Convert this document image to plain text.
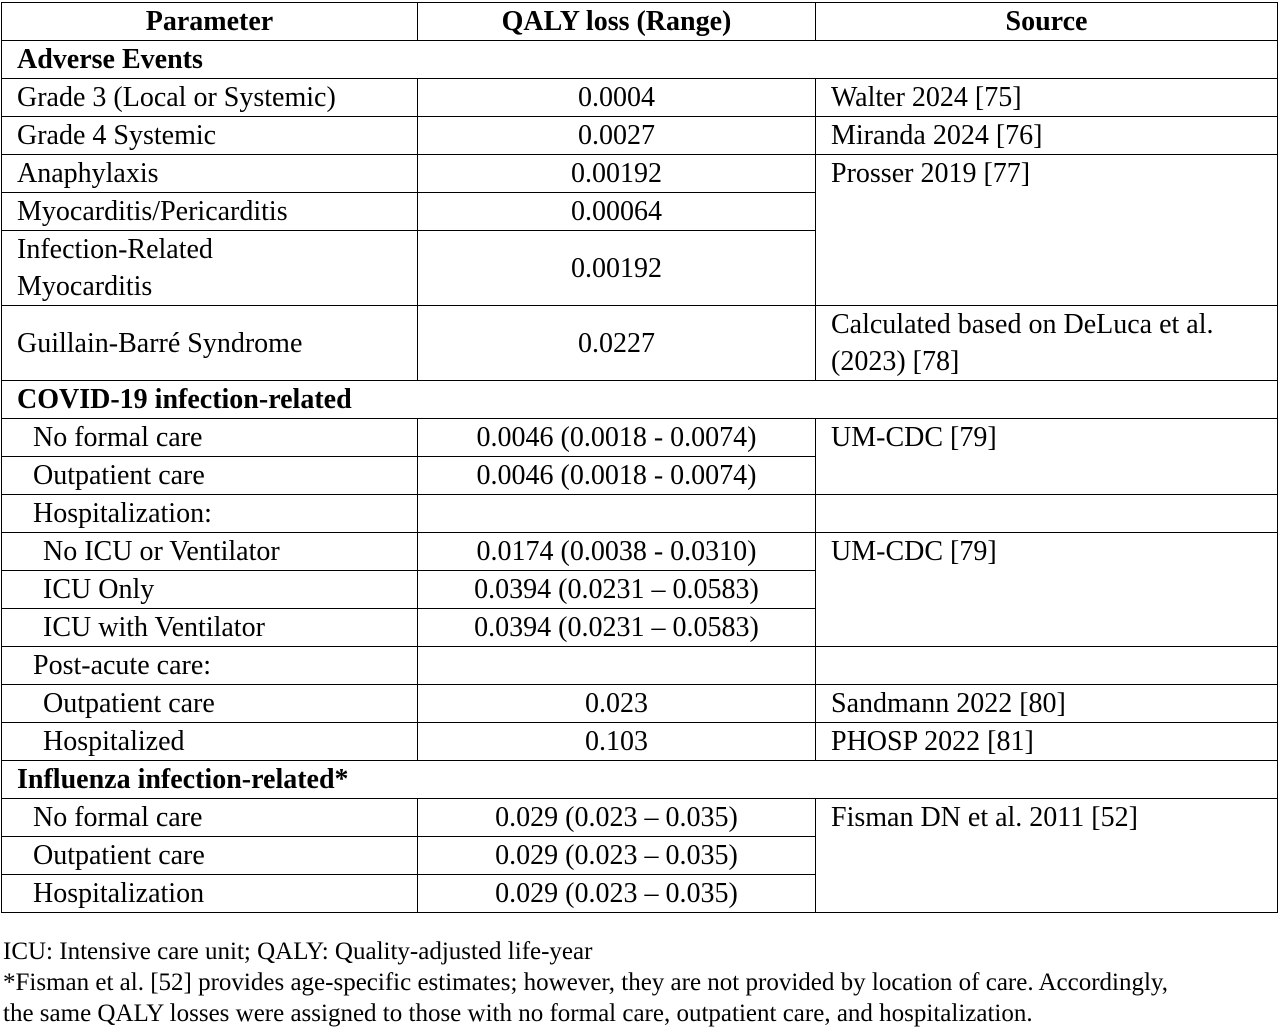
Parameter	QALY loss (Range)	Source
Adverse Events		
Grade 3 (Local or Systemic)	0.0004	Walter 2024 [75]
Grade 4 Systemic	0.0027	Miranda 2024 [76]
Anaphylaxis	0.00192	Prosser 2019 [77]
Myocarditis/Pericarditis	0.00064	
Infection-Related Myocarditis	0.00192	
Guillain-Barré Syndrome	0.0227	Calculated based on DeLuca et al. (2023) [78]
COVID-19 infection-related		
No formal care	0.0046 (0.0018 - 0.0074)	UM-CDC [79]
Outpatient care	0.0046 (0.0018 - 0.0074)	
Hospitalization:		
No ICU or Ventilator	0.0174 (0.0038 - 0.0310)	UM-CDC [79]
ICU Only	0.0394 (0.0231 – 0.0583)	
ICU with Ventilator	0.0394 (0.0231 – 0.0583)	
Post-acute care:		
Outpatient care	0.023	Sandmann 2022 [80]
Hospitalized	0.103	PHOSP 2022 [81]
Influenza infection-related*		
No formal care	0.029 (0.023 – 0.035)	Fisman DN et al. 2011 [52]
Outpatient care	0.029 (0.023 – 0.035)	
Hospitalization	0.029 (0.023 – 0.035)	
ICU: Intensive care unit; QALY: Quality-adjusted life-year
*Fisman et al. [52] provides age-specific estimates; however, they are not provided by location of care. Accordingly,
the same QALY losses were assigned to those with no formal care, outpatient care, and hospitalization.
